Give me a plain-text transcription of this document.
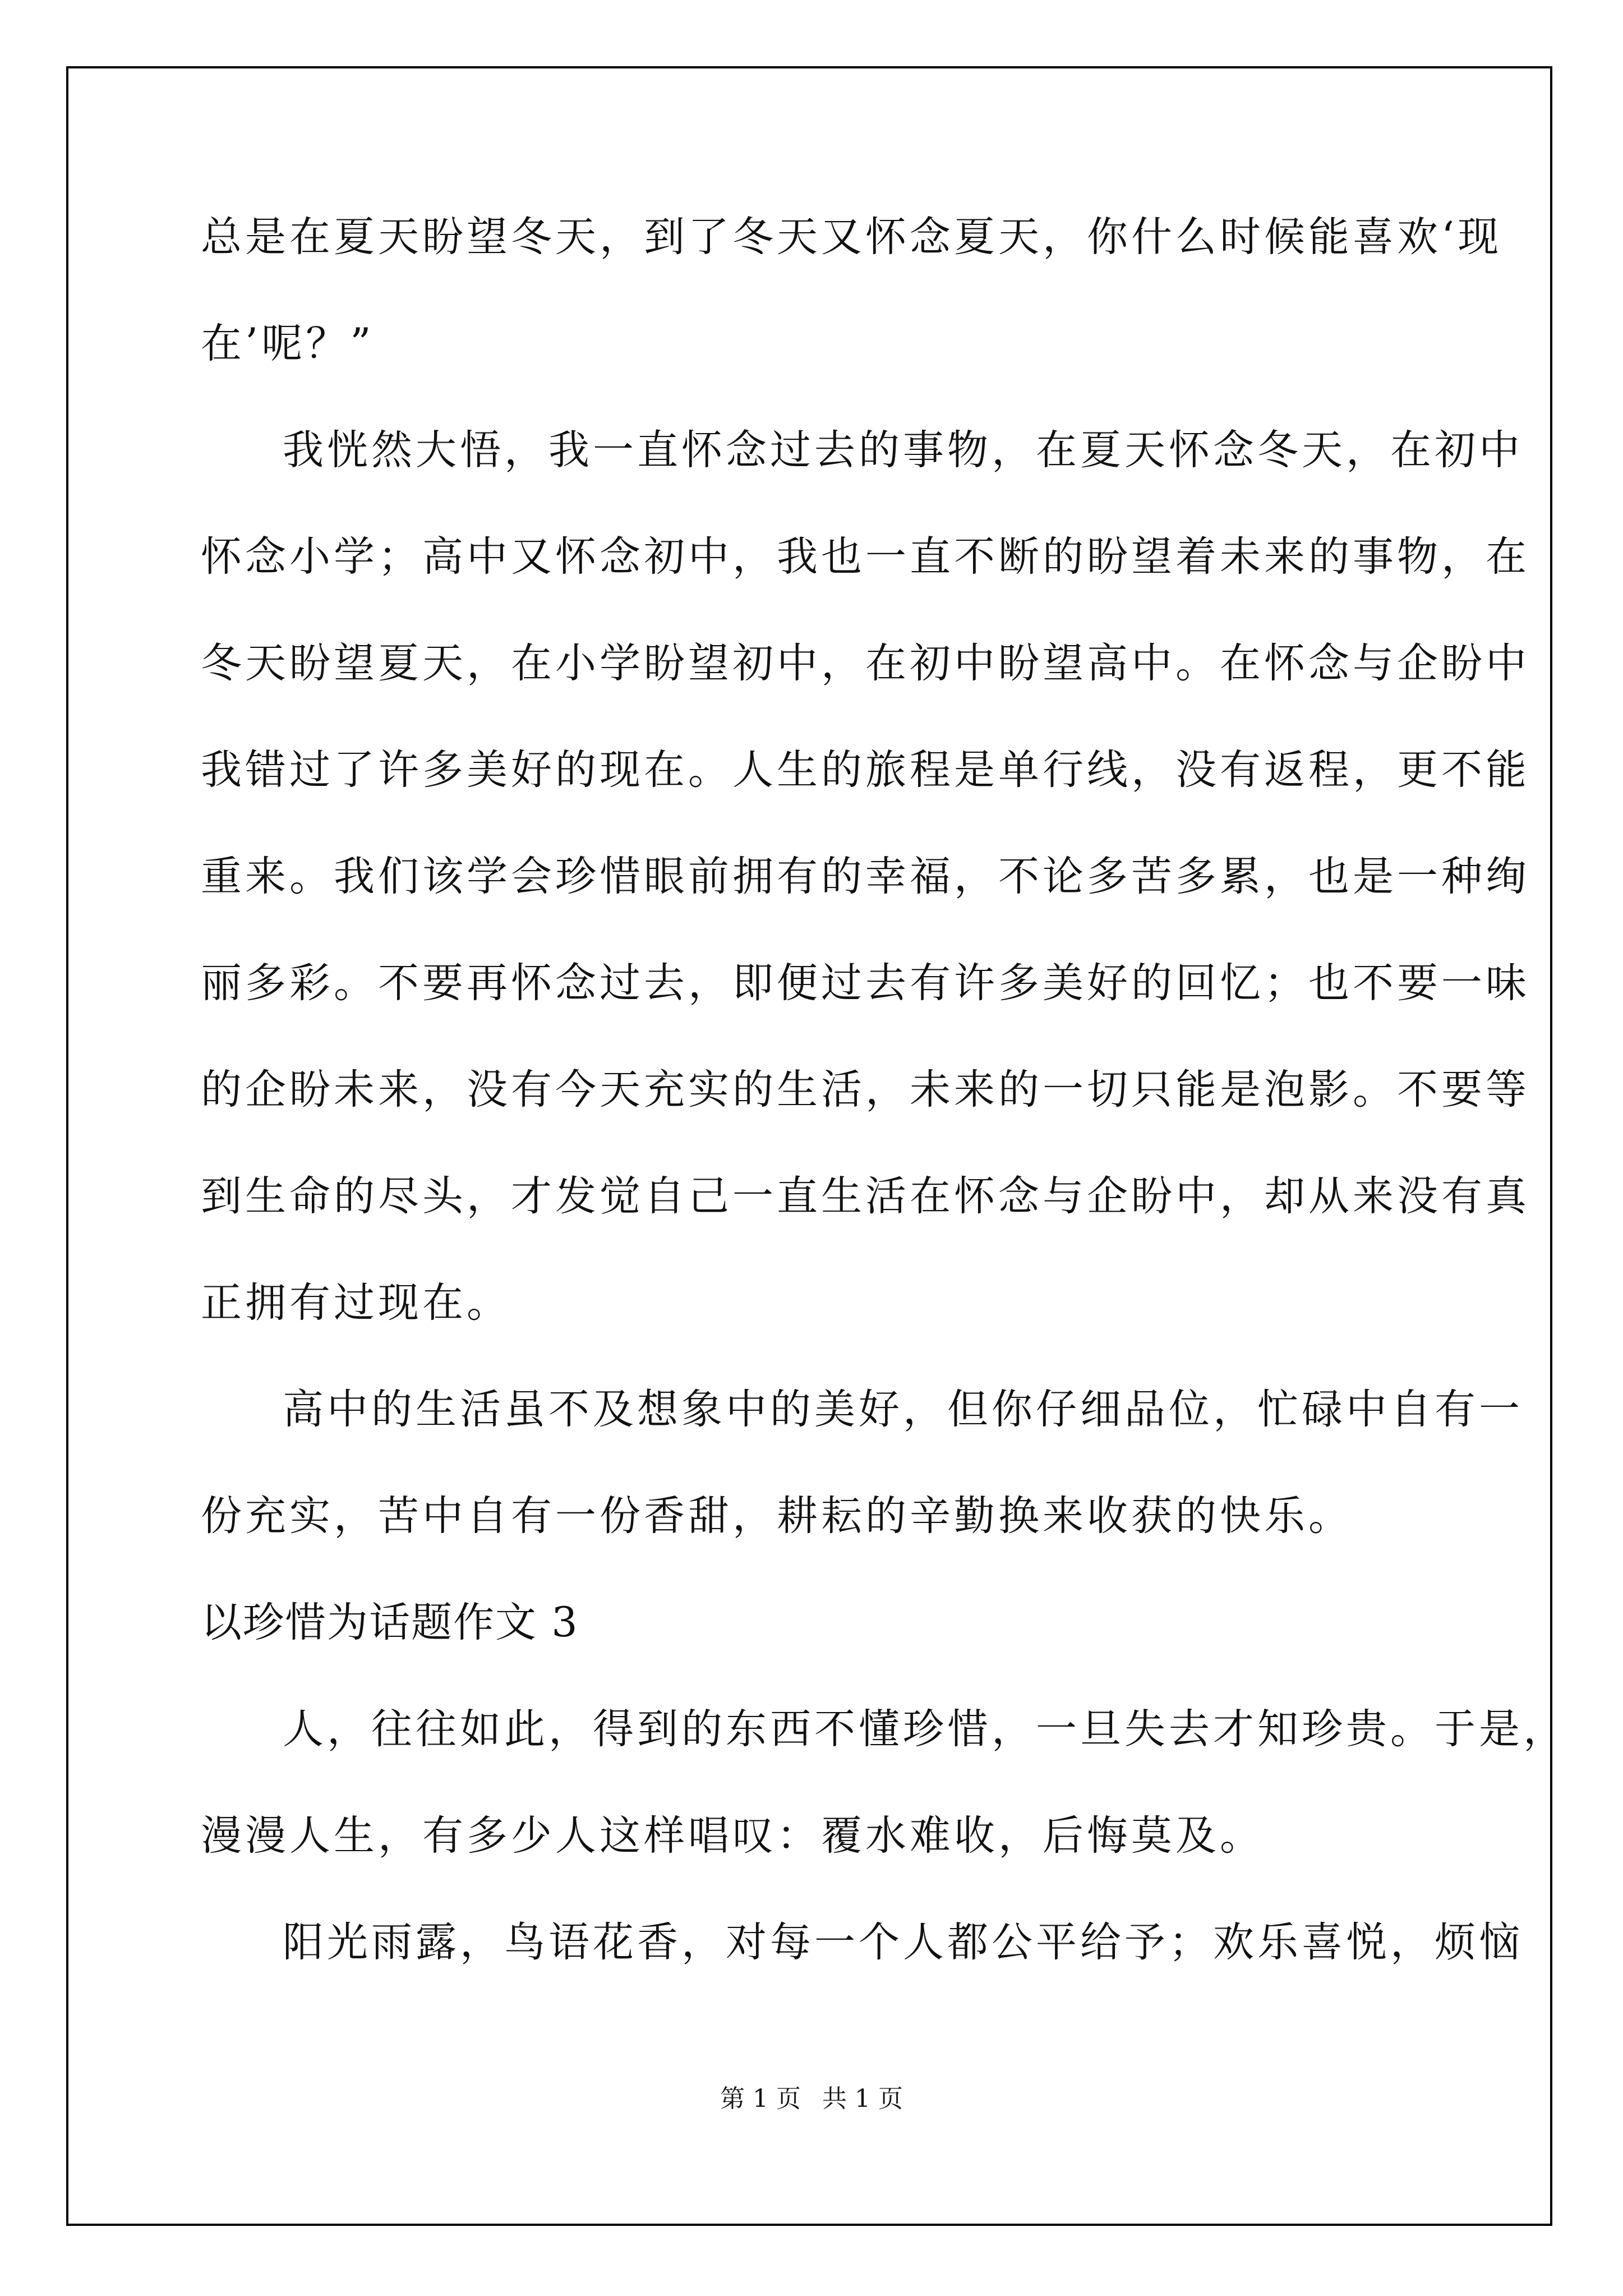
总是在夏天盼望冬天，到了冬天又怀念夏天，你什么时候能喜欢‘现
在’呢？”
我恍然大悟，我一直怀念过去的事物，在夏天怀念冬天，在初中
怀念小学；高中又怀念初中，我也一直不断的盼望着未来的事物，在
冬天盼望夏天，在小学盼望初中，在初中盼望高中。在怀念与企盼中
我错过了许多美好的现在。人生的旅程是单行线，没有返程，更不能
重来。我们该学会珍惜眼前拥有的幸福，不论多苦多累，也是一种绚
丽多彩。不要再怀念过去，即便过去有许多美好的回忆；也不要一味
的企盼未来，没有今天充实的生活，未来的一切只能是泡影。不要等
到生命的尽头，才发觉自己一直生活在怀念与企盼中，却从来没有真
正拥有过现在。
高中的生活虽不及想象中的美好，但你仔细品位，忙碌中自有一
份充实，苦中自有一份香甜，耕耘的辛勤换来收获的快乐。
以珍惜为话题作文 3
人，往往如此，得到的东西不懂珍惜，一旦失去才知珍贵。于是，
漫漫人生，有多少人这样唱叹：覆水难收，后悔莫及。
阳光雨露，鸟语花香，对每一个人都公平给予；欢乐喜悦，烦恼
第 1 页 共 1 页
